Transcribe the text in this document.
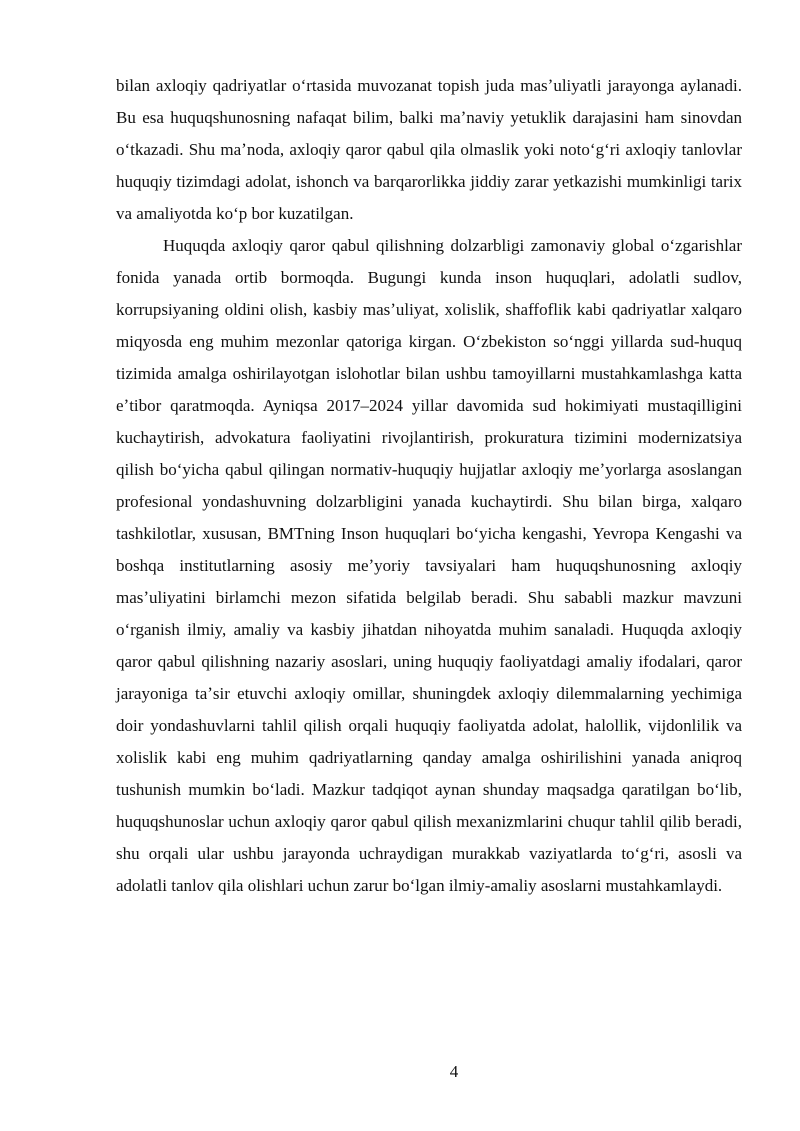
bilan axloqiy qadriyatlar oʻrtasida muvozanat topish juda masʼuliyatli jarayonga aylanadi. Bu esa huquqshunosning nafaqat bilim, balki maʼnaviy yetuklik darajasini ham sinovdan oʻtkazadi. Shu maʼnoda, axloqiy qaror qabul qila olmaslik yoki notoʻgʻri axloqiy tanlovlar huquqiy tizimdagi adolat, ishonch va barqarorlikka jiddiy zarar yetkazishi mumkinligi tarix va amaliyotda koʻp bor kuzatilgan.

Huquqda axloqiy qaror qabul qilishning dolzarbligi zamonaviy global oʻzgarishlar fonida yanada ortib bormoqda. Bugungi kunda inson huquqlari, adolatli sudlov, korrupsiyaning oldini olish, kasbiy masʼuliyat, xolislik, shaffoflik kabi qadriyatlar xalqaro miqyosda eng muhim mezonlar qatoriga kirgan. Oʻzbekiston soʻnggi yillarda sud-huquq tizimida amalga oshirilayotgan islohotlar bilan ushbu tamoyillarni mustahkamlashga katta eʼtibor qaratmoqda. Ayniqsa 2017–2024 yillar davomida sud hokimiyati mustaqilligini kuchaytirish, advokatura faoliyatini rivojlantirish, prokuratura tizimini modernizatsiya qilish boʻyicha qabul qilingan normativ-huquqiy hujjatlar axloqiy meʼyorlarga asoslangan profesional yondashuvning dolzarbligini yanada kuchaytirdi. Shu bilan birga, xalqaro tashkilotlar, xususan, BMTning Inson huquqlari boʻyicha kengashi, Yevropa Kengashi va boshqa institutlarning asosiy meʼyoriy tavsiyalari ham huquqshunosning axloqiy masʼuliyatini birlamchi mezon sifatida belgilab beradi. Shu sababli mazkur mavzuni oʻrganish ilmiy, amaliy va kasbiy jihatdan nihoyatda muhim sanaladi. Huquqda axloqiy qaror qabul qilishning nazariy asoslari, uning huquqiy faoliyatdagi amaliy ifodalari, qaror jarayoniga taʼsir etuvchi axloqiy omillar, shuningdek axloqiy dilemmalarning yechimiga doir yondashuvlarni tahlil qilish orqali huquqiy faoliyatda adolat, halollik, vijdonlilik va xolislik kabi eng muhim qadriyatlarning qanday amalga oshirilishini yanada aniqroq tushunish mumkin boʻladi. Mazkur tadqiqot aynan shunday maqsadga qaratilgan boʻlib, huquqshunoslar uchun axloqiy qaror qabul qilish mexanizmlarini chuqur tahlil qilib beradi, shu orqali ular ushbu jarayonda uchraydigan murakkab vaziyatlarda toʻgʻri, asosli va adolatli tanlov qila olishlari uchun zarur boʻlgan ilmiy-amaliy asoslarni mustahkamlaydi.

4
